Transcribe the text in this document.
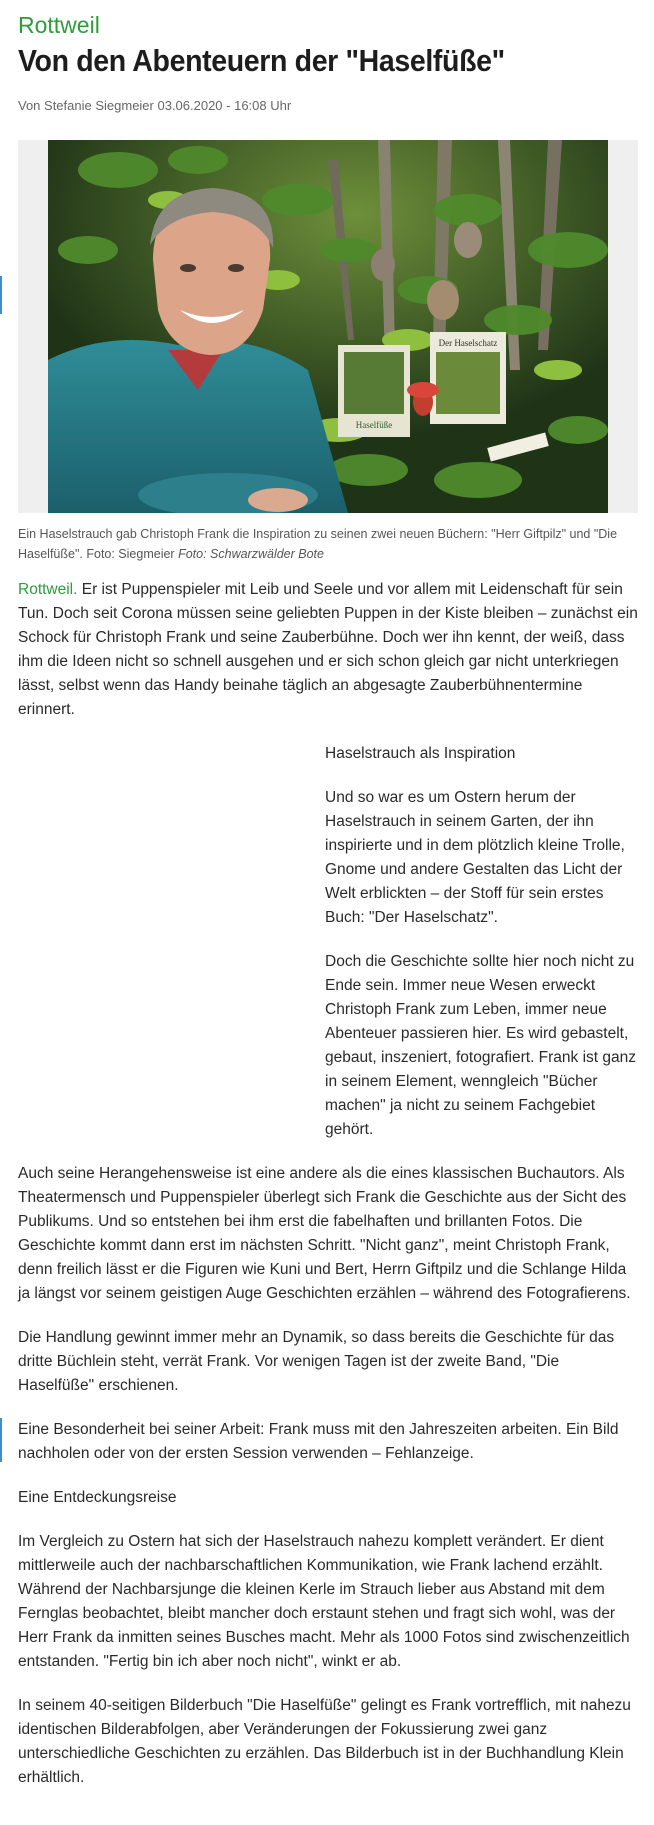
Rottweil
Von den Abenteuern der "Haselfüße"
Von Stefanie Siegmeier 03.06.2020 - 16:08 Uhr
Haselfüße
Der Haselschatz
Ein Haselstrauch gab Christoph Frank die Inspiration zu seinen zwei neuen Büchern: "Herr Giftpilz" und "Die Haselfüße". Foto: Siegmeier Foto: Schwarzwälder Bote

Rottweil. Er ist Puppenspieler mit Leib und Seele und vor allem mit Leidenschaft für sein Tun. Doch seit Corona müssen seine geliebten Puppen in der Kiste bleiben – zunächst ein Schock für Christoph Frank und seine Zauberbühne. Doch wer ihn kennt, der weiß, dass ihm die Ideen nicht so schnell ausgehen und er sich schon gleich gar nicht unterkriegen lässt, selbst wenn das Handy beinahe täglich an abgesagte Zauberbühnentermine erinnert.

Haselstrauch als Inspiration

Und so war es um Ostern herum der Haselstrauch in seinem Garten, der ihn inspirierte und in dem plötzlich kleine Trolle, Gnome und andere Gestalten das Licht der Welt erblickten – der Stoff für sein erstes Buch: "Der Haselschatz".

Doch die Geschichte sollte hier noch nicht zu Ende sein. Immer neue Wesen erweckt Christoph Frank zum Leben, immer neue Abenteuer passieren hier. Es wird gebastelt, gebaut, inszeniert, fotografiert. Frank ist ganz in seinem Element, wenngleich "Bücher machen" ja nicht zu seinem Fachgebiet gehört.

Auch seine Herangehensweise ist eine andere als die eines klassischen Buchautors. Als Theatermensch und Puppenspieler überlegt sich Frank die Geschichte aus der Sicht des Publikums. Und so entstehen bei ihm erst die fabelhaften und brillanten Fotos. Die Geschichte kommt dann erst im nächsten Schritt. "Nicht ganz", meint Christoph Frank, denn freilich lässt er die Figuren wie Kuni und Bert, Herrn Giftpilz und die Schlange Hilda ja längst vor seinem geistigen Auge Geschichten erzählen – während des Fotografierens.

Die Handlung gewinnt immer mehr an Dynamik, so dass bereits die Geschichte für das dritte Büchlein steht, verrät Frank. Vor wenigen Tagen ist der zweite Band, "Die Haselfüße" erschienen.

Eine Besonderheit bei seiner Arbeit: Frank muss mit den Jahreszeiten arbeiten. Ein Bild nachholen oder von der ersten Session verwenden – Fehlanzeige.

Eine Entdeckungsreise

Im Vergleich zu Ostern hat sich der Haselstrauch nahezu komplett verändert. Er dient mittlerweile auch der nachbarschaftlichen Kommunikation, wie Frank lachend erzählt. Während der Nachbarsjunge die kleinen Kerle im Strauch lieber aus Abstand mit dem Fernglas beobachtet, bleibt mancher doch erstaunt stehen und fragt sich wohl, was der Herr Frank da inmitten seines Busches macht. Mehr als 1000 Fotos sind zwischenzeitlich entstanden. "Fertig bin ich aber noch nicht", winkt er ab.

In seinem 40-seitigen Bilderbuch "Die Haselfüße" gelingt es Frank vortrefflich, mit nahezu identischen Bilderabfolgen, aber Veränderungen der Fokussierung zwei ganz unterschiedliche Geschichten zu erzählen. Das Bilderbuch ist in der Buchhandlung Klein erhältlich.
